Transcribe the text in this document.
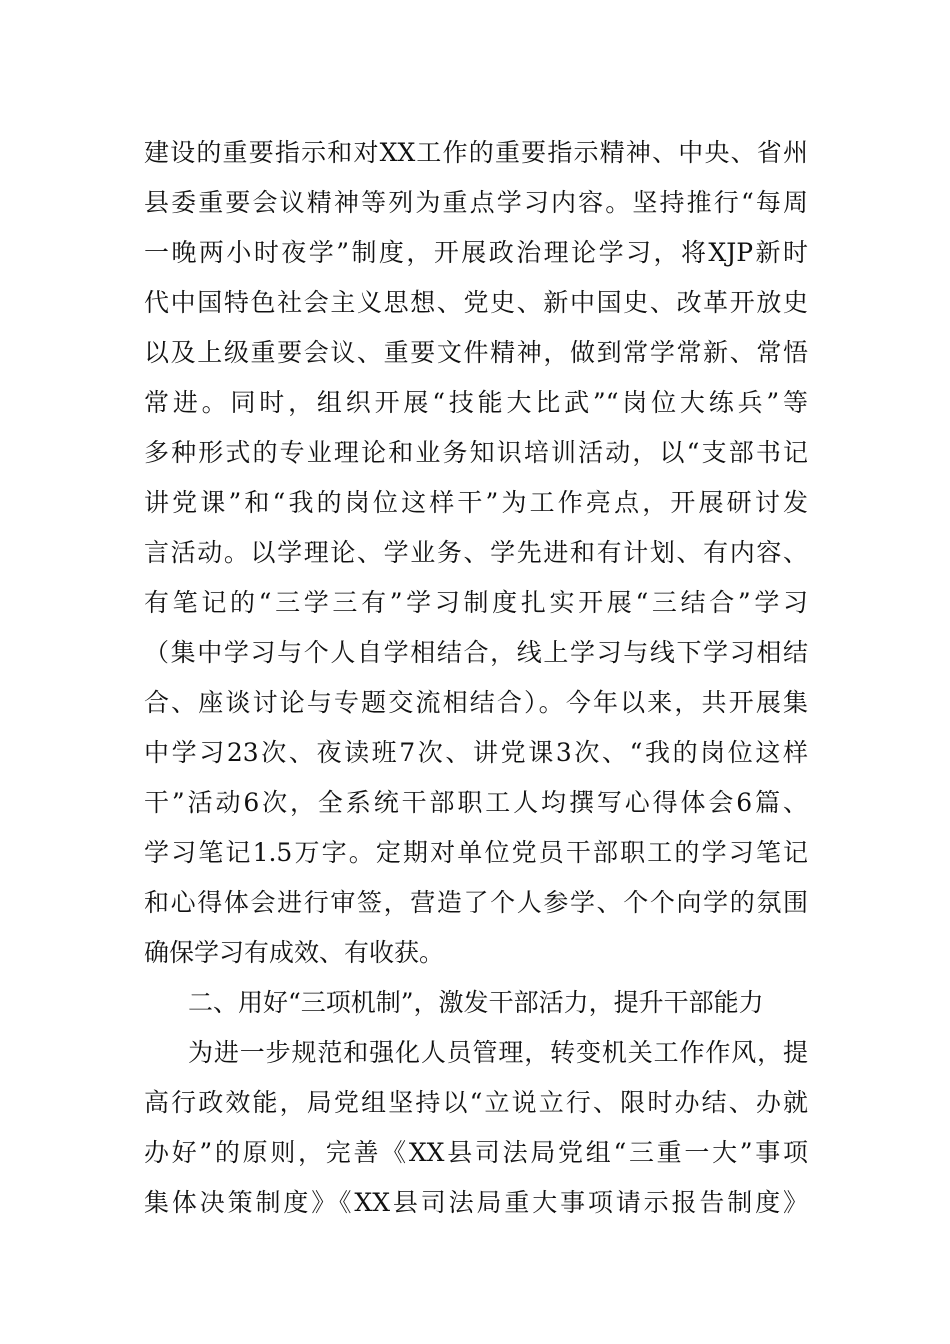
建设的重要指示和对XX工作的重要指示精神、中央、省州
县委重要会议精神等列为重点学习内容。坚持推行“每周
一晚两小时夜学”制度，开展政治理论学习，将XJP新时
代中国特色社会主义思想、党史、新中国史、改革开放史
以及上级重要会议、重要文件精神，做到常学常新、常悟
常进。同时，组织开展“技能大比武”“岗位大练兵”等
多种形式的专业理论和业务知识培训活动，以“支部书记
讲党课”和“我的岗位这样干”为工作亮点，开展研讨发
言活动。以学理论、学业务、学先进和有计划、有内容、
有笔记的“三学三有”学习制度扎实开展“三结合”学习
（集中学习与个人自学相结合，线上学习与线下学习相结
合、座谈讨论与专题交流相结合）。今年以来，共开展集
中学习23次、夜读班7次、讲党课3次、“我的岗位这样
干”活动6次，全系统干部职工人均撰写心得体会6篇、
学习笔记1.5万字。定期对单位党员干部职工的学习笔记
和心得体会进行审签，营造了个人参学、个个向学的氛围
确保学习有成效、有收获。
二、用好“三项机制”，激发干部活力，提升干部能力
为进一步规范和强化人员管理，转变机关工作作风，提
高行政效能，局党组坚持以“立说立行、限时办结、办就
办好”的原则，完善《XX县司法局党组“三重一大”事项
集体决策制度》《XX县司法局重大事项请示报告制度》
